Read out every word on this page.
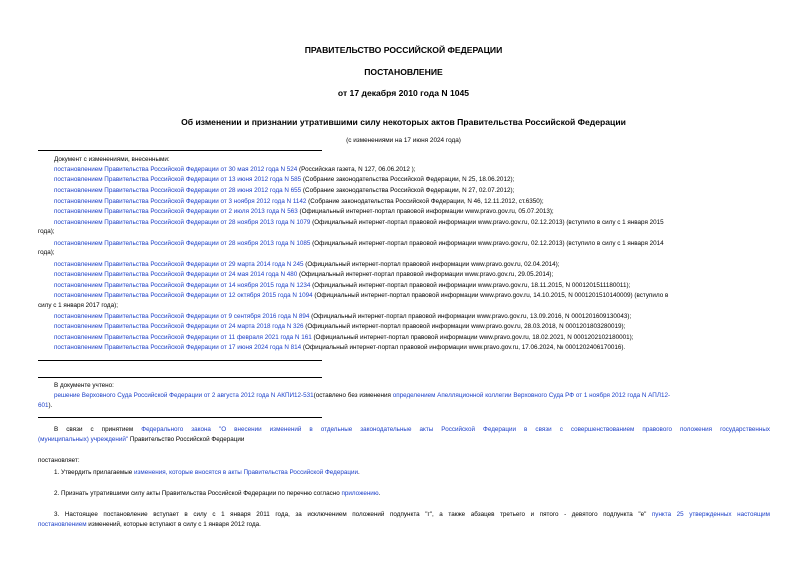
ПРАВИТЕЛЬСТВО РОССИЙСКОЙ ФЕДЕРАЦИИ
ПОСТАНОВЛЕНИЕ
от 17 декабря 2010 года N 1045
Об изменении и признании утратившими силу некоторых актов Правительства Российской Федерации
(с изменениями на 17 июня 2024 года)
Документ с изменениями, внесенными:
постановлением Правительства Российской Федерации от 30 мая 2012 года N 524 (Российская газета, N 127, 06.06.2012 );
постановлением Правительства Российской Федерации от 13 июня 2012 года N 585 (Собрание законодательства Российской Федерации, N 25, 18.06.2012);
постановлением Правительства Российской Федерации от 28 июня 2012 года N 655 (Собрание законодательства Российской Федерации, N 27, 02.07.2012);
постановлением Правительства Российской Федерации от 3 ноября 2012 года N 1142 (Собрание законодательства Российской Федерации, N 46, 12.11.2012, ст.6350);
постановлением Правительства Российской Федерации от 2 июля 2013 года N 563 (Официальный интернет-портал правовой информации www.pravo.gov.ru, 05.07.2013);
постановлением Правительства Российской Федерации от 28 ноября 2013 года N 1079 (Официальный интернет-портал правовой информации www.pravo.gov.ru, 02.12.2013) (вступило в силу с 1 января 2015
года);
постановлением Правительства Российской Федерации от 28 ноября 2013 года N 1085 (Официальный интернет-портал правовой информации www.pravo.gov.ru, 02.12.2013) (вступило в силу с 1 января 2014
года);
постановлением Правительства Российской Федерации от 29 марта 2014 года N 245 (Официальный интернет-портал правовой информации www.pravo.gov.ru, 02.04.2014);
постановлением Правительства Российской Федерации от 24 мая 2014 года N 480 (Официальный интернет-портал правовой информации www.pravo.gov.ru, 29.05.2014);
постановлением Правительства Российской Федерации от 14 ноября 2015 года N 1234 (Официальный интернет-портал правовой информации www.pravo.gov.ru, 18.11.2015, N 0001201511180011);
постановлением Правительства Российской Федерации от 12 октября 2015 года N 1094 (Официальный интернет-портал правовой информации www.pravo.gov.ru, 14.10.2015, N 0001201510140009) (вступило в
силу с 1 января 2017 года);
постановлением Правительства Российской Федерации от 9 сентября 2016 года N 894 (Официальный интернет-портал правовой информации www.pravo.gov.ru, 13.09.2016, N 0001201609130043);
постановлением Правительства Российской Федерации от 24 марта 2018 года N 326 (Официальный интернет-портал правовой информации www.pravo.gov.ru, 28.03.2018, N 0001201803280019);
постановлением Правительства Российской Федерации от 11 февраля 2021 года N 161 (Официальный интернет-портал правовой информации www.pravo.gov.ru, 18.02.2021, N 0001202102180001);
постановлением Правительства Российской Федерации от 17 июня 2024 года N 814 (Официальный интернет-портал правовой информации www.pravo.gov.ru, 17.06.2024, № 0001202406170016).
В документе учтено:
решение Верховного Суда Российской Федерации от 2 августа 2012 года N АКПИ12-531(оставлено без изменения определением Апелляционной коллегии Верховного Суда РФ от 1 ноября 2012 года N АПЛ12-
601).
В связи с принятием Федерального закона "О внесении изменений в отдельные законодательные акты Российской Федерации в связи с совершенствованием правового положения государственных
(муниципальных) учреждений" Правительство Российской Федерации
постановляет:
1. Утвердить прилагаемые изменения, которые вносятся в акты Правительства Российской Федерации.
2. Признать утратившими силу акты Правительства Российской Федерации по перечню согласно приложению.
3. Настоящее постановление вступает в силу с 1 января 2011 года, за исключением положений подпункта "г", а также абзацев третьего и пятого - девятого подпункта "е" пункта 25 утвержденных настоящим
постановлением изменений, которые вступают в силу с 1 января 2012 года.
